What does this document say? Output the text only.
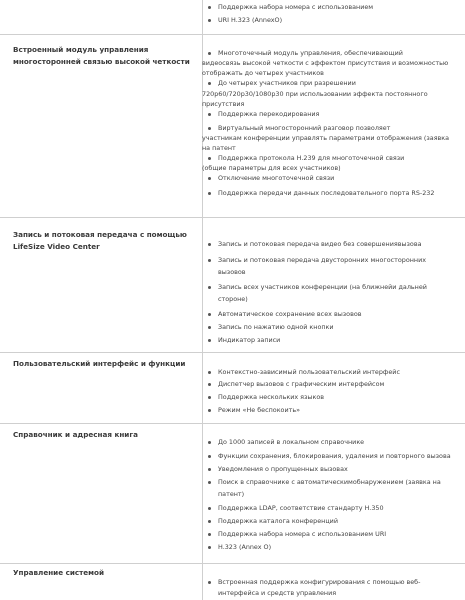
Поддержка набора номера с использованием
URI H.323 (AnnexO)
Встроенный модуль управления
многосторонней связью высокой четкости
Многоточечный модуль управления, обеспечивающий
видеосвязь высокой четкости с эффектом присутствия и возможностью
отображать до четырех участников
До четырех участников при разрешении
720p60/720p30/1080p30 при использовании эффекта постоянного
присутствия
Поддержка перекодирования
Виртуальный многосторонний разговор позволяет
участникам конференции управлять параметрами отображения (заявка
на патент
Поддержка протокола H.239 для многоточечной связи
(общие параметры для всех участников)
Отключение многоточечной связи
Поддержка передачи данных последовательного порта RS-232
Запись и потоковая передача с помощью
LifeSize Video Center	Запись и потоковая передача видео без совершениявызова
Запись и потоковая передача двусторонних многосторонних
вызовов
Запись всех участников конференции (на ближнейи дальней
стороне)
Автоматическое сохранение всех вызовов
Запись по нажатию одной кнопки
Индикатор записи
Пользовательский интерфейс и функции
Контекстно-зависимый пользовательский интерфейс
Диспетчер вызовов с графическим интерфейсом
Поддержка нескольких языков
Режим «Не беспокоить»
Справочник и адресная книга
До 1000 записей в локальном справочнике
Функции сохранения, блокирования, удаления и повторного вызова
Уведомления о пропущенных вызовах
Поиск в справочнике с автоматическимобнаружением (заявка на
патент)
Поддержка LDAP, соответствие стандарту H.350
Поддержка каталога конференций
Поддержка набора номера с использованием URI
H.323 (Annex O)
Управление системой
Встроенная поддержка конфигурирования с помощью веб-
интерфейса и средств управления
